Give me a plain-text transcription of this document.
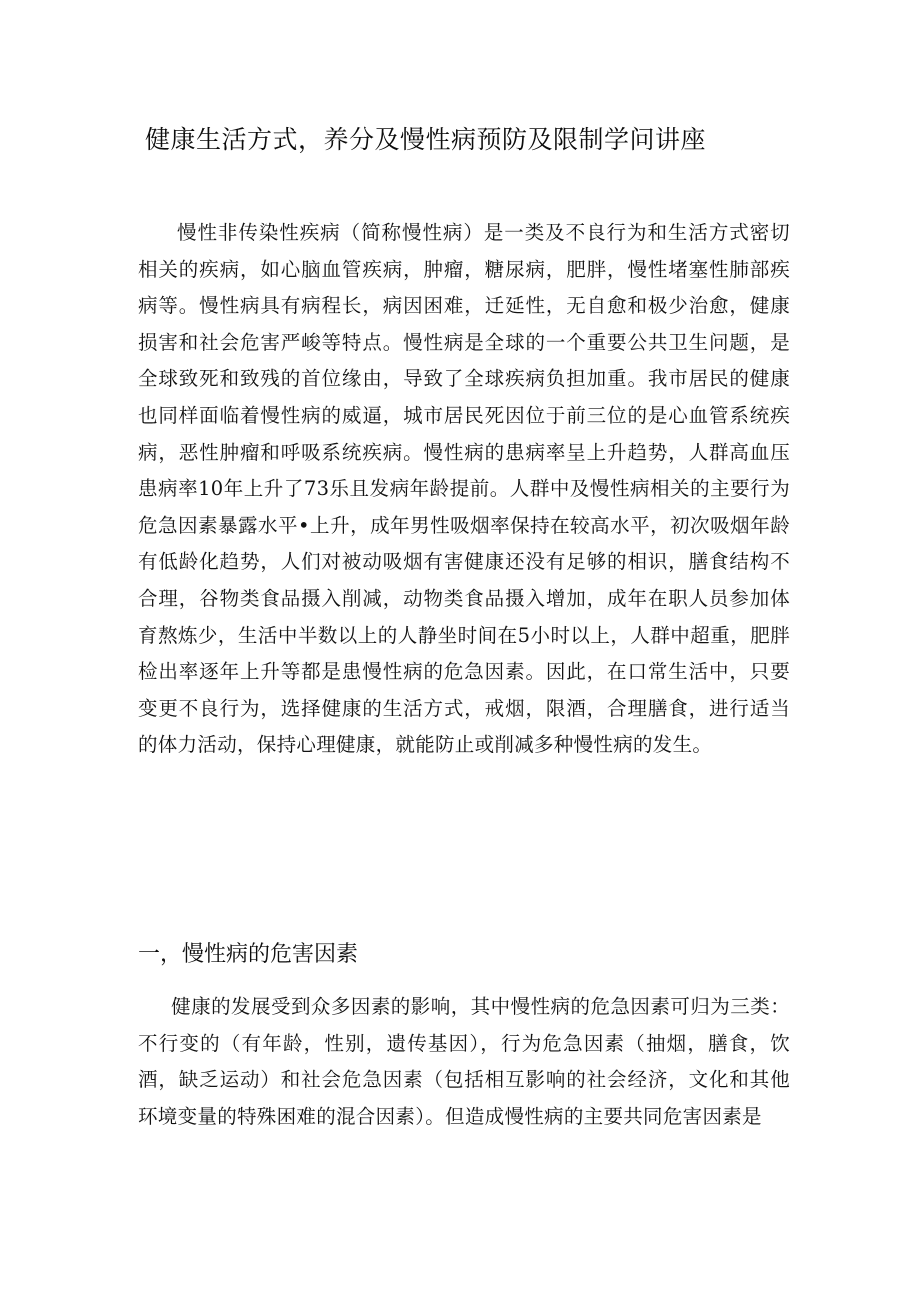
健康生活方式，养分及慢性病预防及限制学问讲座

慢性非传染性疾病（简称慢性病）是一类及不良行为和生活方式密切相关的疾病，如心脑血管疾病，肿瘤，糖尿病，肥胖，慢性堵塞性肺部疾病等。慢性病具有病程长，病因困难，迁延性，无自愈和极少治愈，健康损害和社会危害严峻等特点。慢性病是全球的一个重要公共卫生问题，是全球致死和致残的首位缘由，导致了全球疾病负担加重。我市居民的健康也同样面临着慢性病的威逼，城市居民死因位于前三位的是心血管系统疾病，恶性肿瘤和呼吸系统疾病。慢性病的患病率呈上升趋势，人群高血压患病率10年上升了73乐且发病年龄提前。人群中及慢性病相关的主要行为危急因素暴露水平•上升，成年男性吸烟率保持在较高水平，初次吸烟年龄有低龄化趋势，人们对被动吸烟有害健康还没有足够的相识，膳食结构不合理，谷物类食品摄入削减，动物类食品摄入增加，成年在职人员参加体育熬炼少，生活中半数以上的人静坐时间在5小时以上，人群中超重，肥胖检出率逐年上升等都是患慢性病的危急因素。因此，在口常生活中，只要变更不良行为，选择健康的生活方式，戒烟，限酒，合理膳食，进行适当的体力活动，保持心理健康，就能防止或削减多种慢性病的发生。

一，慢性病的危害因素

健康的发展受到众多因素的影响，其中慢性病的危急因素可归为三类：不行变的（有年龄，性别，遗传基因），行为危急因素（抽烟，膳食，饮酒，缺乏运动）和社会危急因素（包括相互影响的社会经济，文化和其他环境变量的特殊困难的混合因素）。但造成慢性病的主要共同危害因素是
